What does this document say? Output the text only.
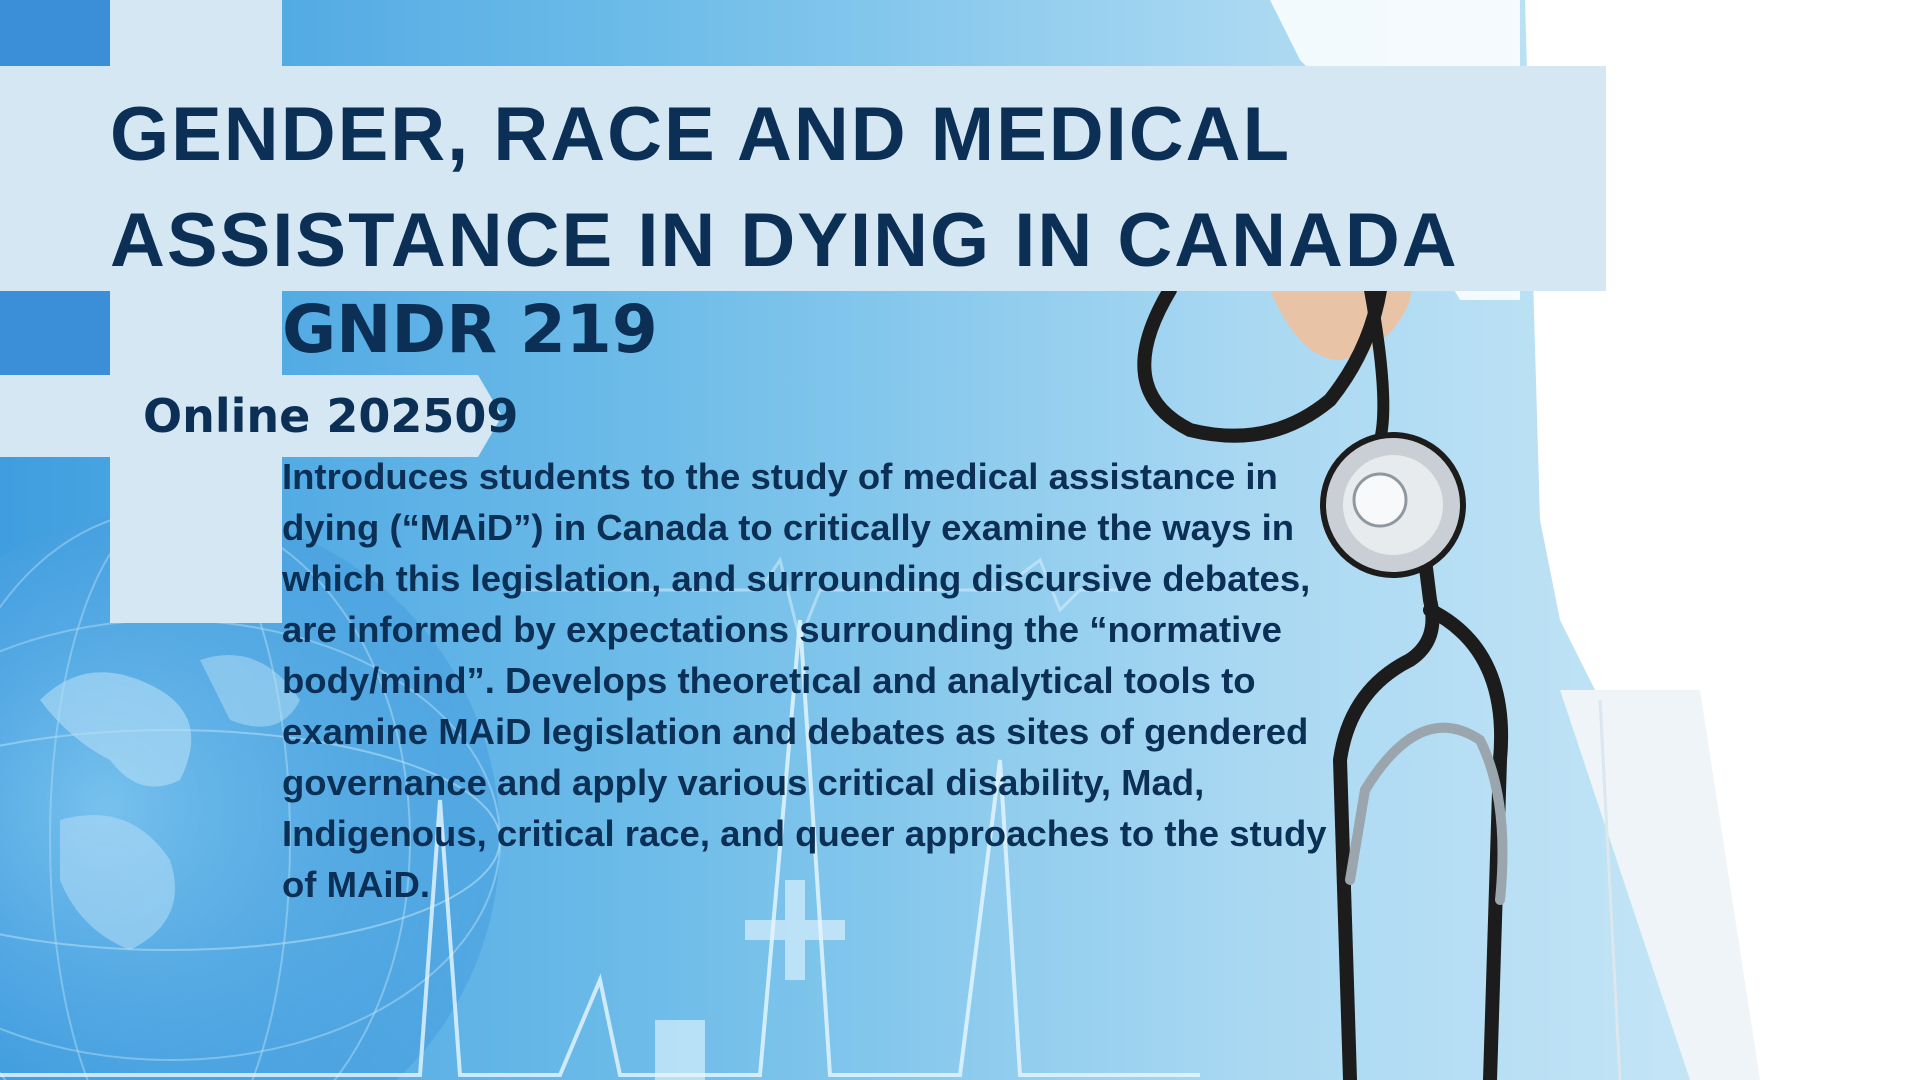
GENDER, RACE AND MEDICAL
ASSISTANCE IN DYING IN CANADA
GNDR 219
Online 202509

Introduces students to the study of medical assistance in dying (“MAiD”) in Canada to critically examine the ways in which this legislation, and surrounding discursive debates, are informed by expectations surrounding the “normative body/mind”. Develops theoretical and analytical tools to examine MAiD legislation and debates as sites of gendered governance and apply various critical disability, Mad, Indigenous, critical race, and queer approaches to the study of MAiD.
